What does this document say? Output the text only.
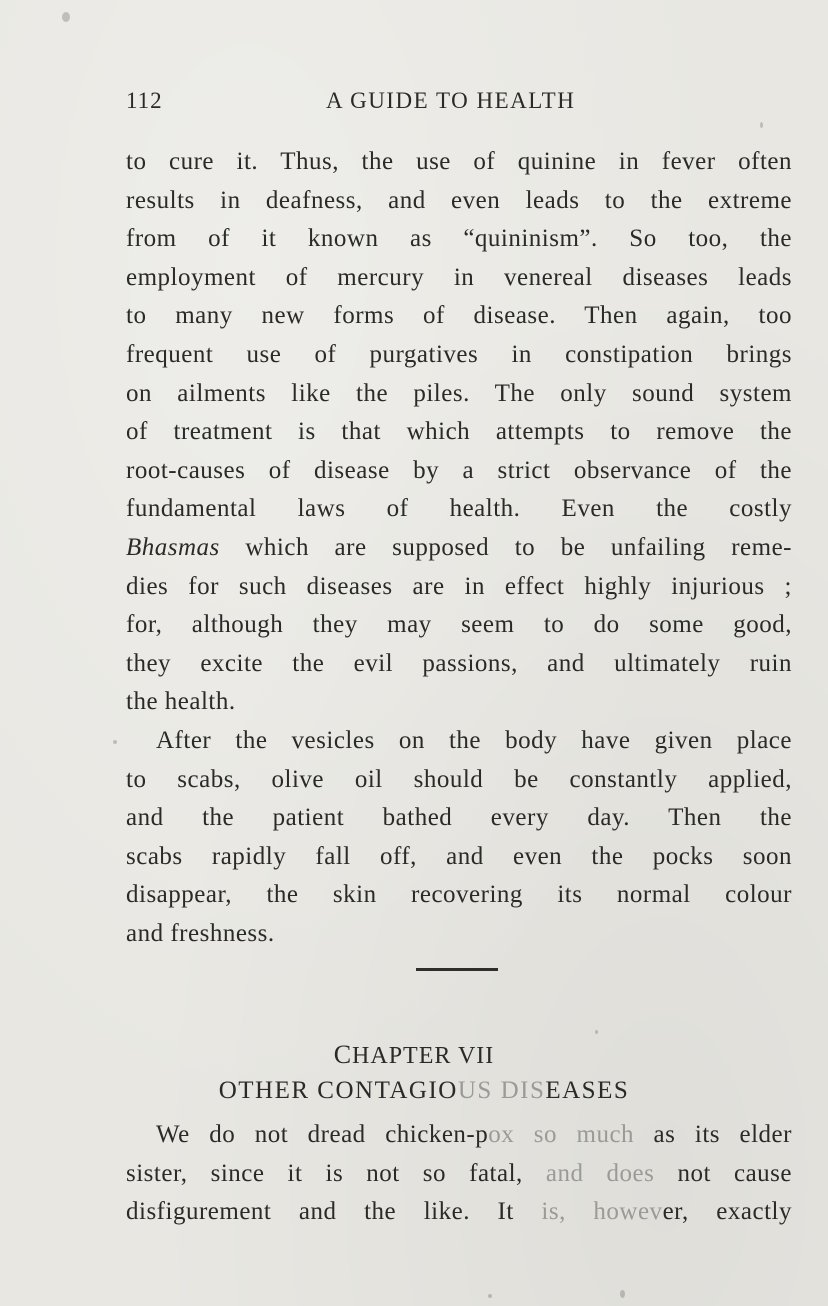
112	A GUIDE TO HEALTH
to cure it. Thus, the use of quinine in fever often
results in deafness, and even leads to the extreme
from of it known as “quininism”. So too, the
employment of mercury in venereal diseases leads
to many new forms of disease. Then again, too
frequent use of purgatives in constipation brings
on ailments like the piles. The only sound system
of treatment is that which attempts to remove the
root-causes of disease by a strict observance of the
fundamental laws of health. Even the costly
Bhasmas which are supposed to be unfailing reme-
dies for such diseases are in effect highly injurious ;
for, although they may seem to do some good,
they excite the evil passions, and ultimately ruin
the health.
After the vesicles on the body have given place
to scabs, olive oil should be constantly applied,
and the patient bathed every day. Then the
scabs rapidly fall off, and even the pocks soon
disappear, the skin recovering its normal colour
and freshness.
CHAPTER VII
OTHER CONTAGIOUS DISEASES
We do not dread chicken-pox so much as its elder
sister, since it is not so fatal, and does not cause
disfigurement and the like. It is, however, exactly
